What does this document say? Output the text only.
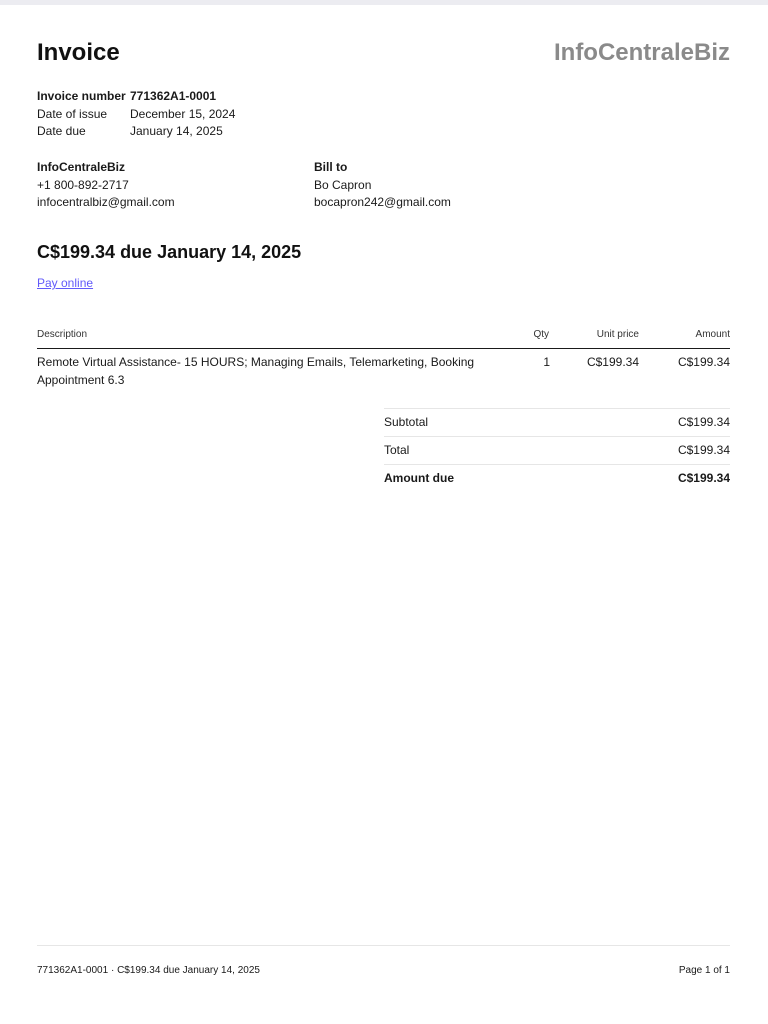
Invoice	InfoCentraleBiz
Invoice number 771362A1-0001
Date of issue	December 15, 2024
Date due	January 14, 2025
InfoCentraleBiz
+1 800-892-2717
infocentralbiz@gmail.com
Bill to
Bo Capron
bocapron242@gmail.com
C$199.34 due January 14, 2025
Pay online
Description	Qty	Unit price	Amount
Remote Virtual Assistance- 15 HOURS; Managing Emails, Telemarketing, Booking Appointment 6.3
1	C$199.34	C$199.34
Subtotal	C$199.34
Total	C$199.34
Amount due	C$199.34
771362A1-0001 · C$199.34 due January 14, 2025	Page 1 of 1
